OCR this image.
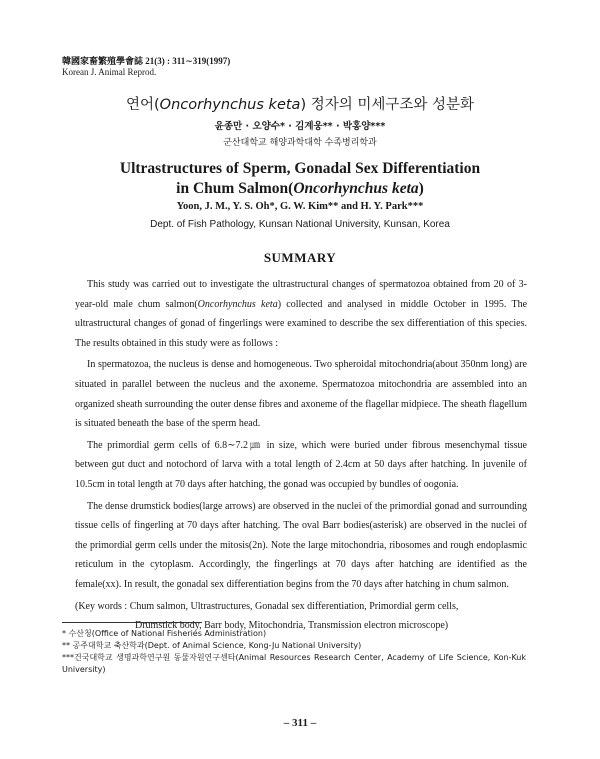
韓國家畜繁殖學會誌 21(3) : 311∼319(1997)
Korean J. Animal Reprod.
연어(Oncorhynchus keta) 정자의 미세구조와 성분화
윤종만 · 오양수* · 김계웅** · 박홍양***
군산대학교 해양과학대학 수족병리학과
Ultrastructures of Sperm, Gonadal Sex Differentiation
in Chum Salmon(Oncorhynchus keta)
Yoon, J. M., Y. S. Oh*, G. W. Kim** and H. Y. Park***
Dept. of Fish Pathology, Kunsan National University, Kunsan, Korea
SUMMARY

This study was carried out to investigate the ultrastructural changes of spermatozoa obtained from 20 of 3-year-old male chum salmon(Oncorhynchus keta) collected and analysed in middle October in 1995. The ultrastructural changes of gonad of fingerlings were examined to describe the sex differentiation of this species. The results obtained in this study were as follows :

In spermatozoa, the nucleus is dense and homogeneous. Two spheroidal mitochondria(about 350nm long) are situated in parallel between the nucleus and the axoneme. Spermatozoa mitochondria are assembled into an organized sheath surrounding the outer dense fibres and axoneme of the flagellar midpiece. The sheath flagellum is situated beneath the base of the sperm head.

The primordial germ cells of 6.8∼7.2㎛ in size, which were buried under fibrous mesenchymal tissue between gut duct and notochord of larva with a total length of 2.4cm at 50 days after hatching. In juvenile of 10.5cm in total length at 70 days after hatching, the gonad was occupied by bundles of oogonia.

The dense drumstick bodies(large arrows) are observed in the nuclei of the primordial gonad and surrounding tissue cells of fingerling at 70 days after hatching. The oval Barr bodies(asterisk) are observed in the nuclei of the primordial germ cells under the mitosis(2n). Note the large mitochondria, ribosomes and rough endoplasmic reticulum in the cytoplasm. Accordingly, the fingerlings at 70 days after hatching are identified as the female(xx). In result, the gonadal sex differentiation begins from the 70 days after hatching in chum salmon.

(Key words : Chum salmon, Ultrastructures, Gonadal sex differentiation, Primordial germ cells,
Drumstick body, Barr body, Mitochondria, Transmission electron microscope)
* 수산청(Office of National Fisheries Administration)
** 공주대학교 축산학과(Dept. of Animal Science, Kong-Ju National University)
***건국대학교 생명과학연구원 동물자원연구센타(Animal Resources Research Center, Academy of Life Science, Kon-Kuk University)
– 311 –
